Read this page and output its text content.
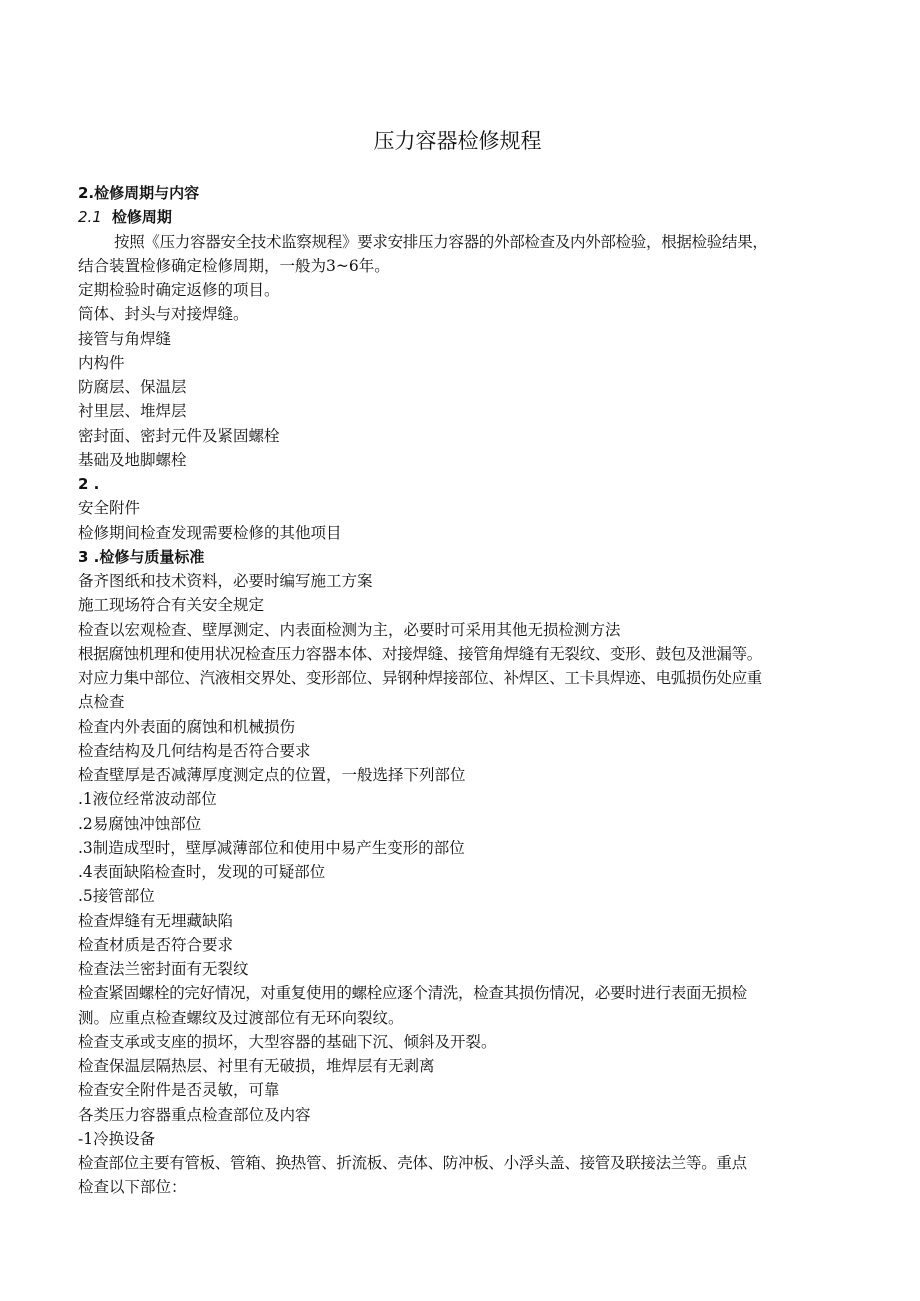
压力容器检修规程
2.检修周期与内容
2.1 检修周期
按照《压力容器安全技术监察规程》要求安排压力容器的外部检查及内外部检验，根据检验结果，
结合装置检修确定检修周期，一般为3~6年。
定期检验时确定返修的项目。
筒体、封头与对接焊缝。
接管与角焊缝
内构件
防腐层、保温层
衬里层、堆焊层
密封面、密封元件及紧固螺栓
基础及地脚螺栓
2 .
安全附件
检修期间检查发现需要检修的其他项目
3 .检修与质量标准
备齐图纸和技术资料，必要时编写施工方案
施工现场符合有关安全规定
检查以宏观检查、壁厚测定、内表面检测为主，必要时可采用其他无损检测方法
根据腐蚀机理和使用状况检查压力容器本体、对接焊缝、接管角焊缝有无裂纹、变形、鼓包及泄漏等。
对应力集中部位、汽液相交界处、变形部位、异钢种焊接部位、补焊区、工卡具焊迹、电弧损伤处应重
点检查
检查内外表面的腐蚀和机械损伤
检查结构及几何结构是否符合要求
检查壁厚是否减薄厚度测定点的位置，一般选择下列部位
.1液位经常波动部位
.2易腐蚀冲蚀部位
.3制造成型时，壁厚减薄部位和使用中易产生变形的部位
.4表面缺陷检查时，发现的可疑部位
.5接管部位
检查焊缝有无埋藏缺陷
检查材质是否符合要求
检查法兰密封面有无裂纹
检查紧固螺栓的完好情况，对重复使用的螺栓应逐个清洗，检查其损伤情况，必要时进行表面无损检
测。应重点检查螺纹及过渡部位有无环向裂纹。
检查支承或支座的损坏，大型容器的基础下沉、倾斜及开裂。
检查保温层隔热层、衬里有无破损，堆焊层有无剥离
检查安全附件是否灵敏，可靠
各类压力容器重点检查部位及内容
-1冷换设备
检查部位主要有管板、管箱、换热管、折流板、壳体、防冲板、小浮头盖、接管及联接法兰等。重点
检查以下部位：
